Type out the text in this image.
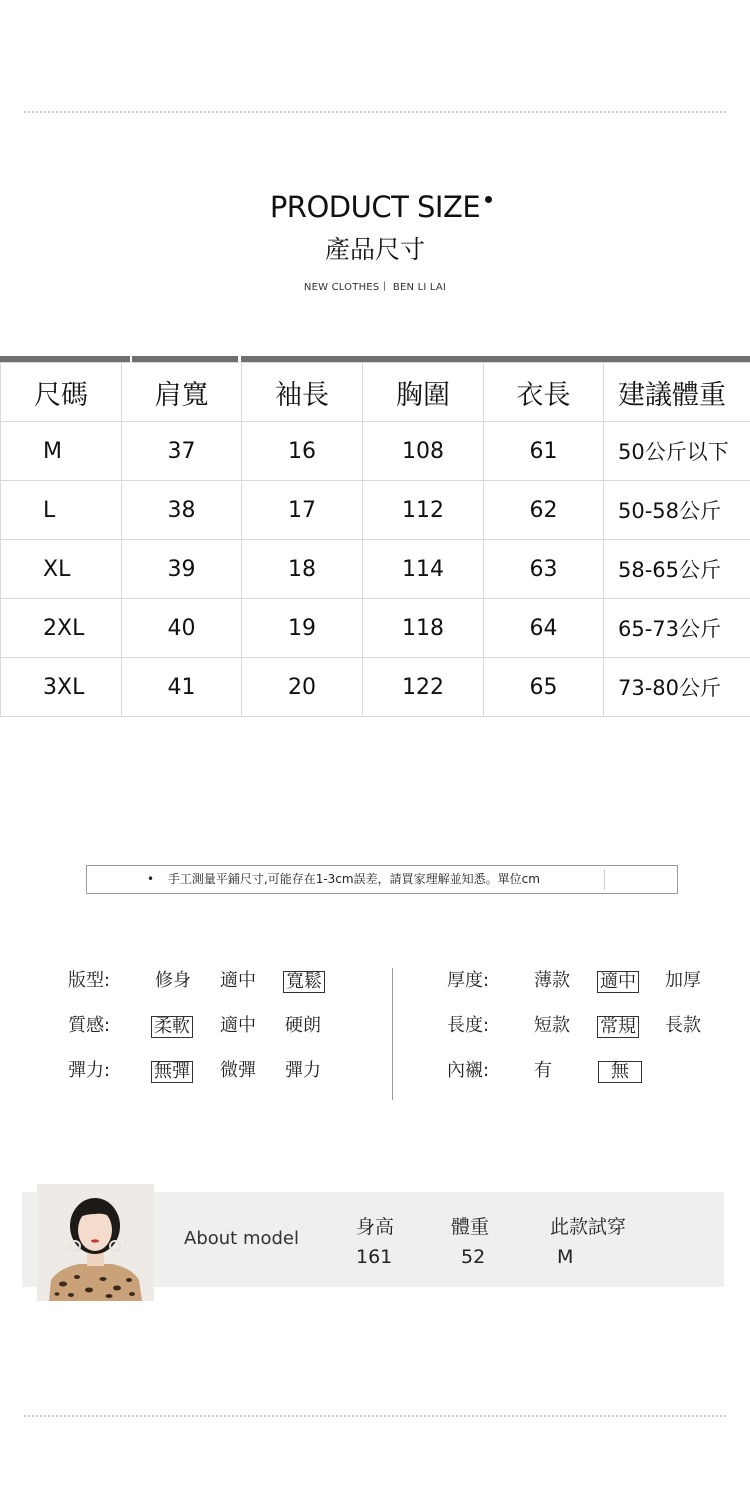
PRODUCT SIZE
產品尺寸
NEW CLOTHES丨 BEN LI LAI
尺碼	肩寬	袖長	胸圍	衣長	建議體重
M	37	16	108	61	50公斤以下
L	38	17	112	62	50-58公斤
XL	39	18	114	63	58-65公斤
2XL	40	19	118	64	65-73公斤
3XL	41	20	122	65	73-80公斤
• 手工測量平鋪尺寸,可能存在1-3cm誤差，請買家理解並知悉。單位cm
版型: 修身 適中 寬鬆
質感: 柔軟 適中 硬朗
彈力: 無彈 微彈 彈力
厚度: 薄款 適中 加厚
長度: 短款 常規 長款
內襯: 有	無
About model
身高
161
體重
52
此款試穿
M
